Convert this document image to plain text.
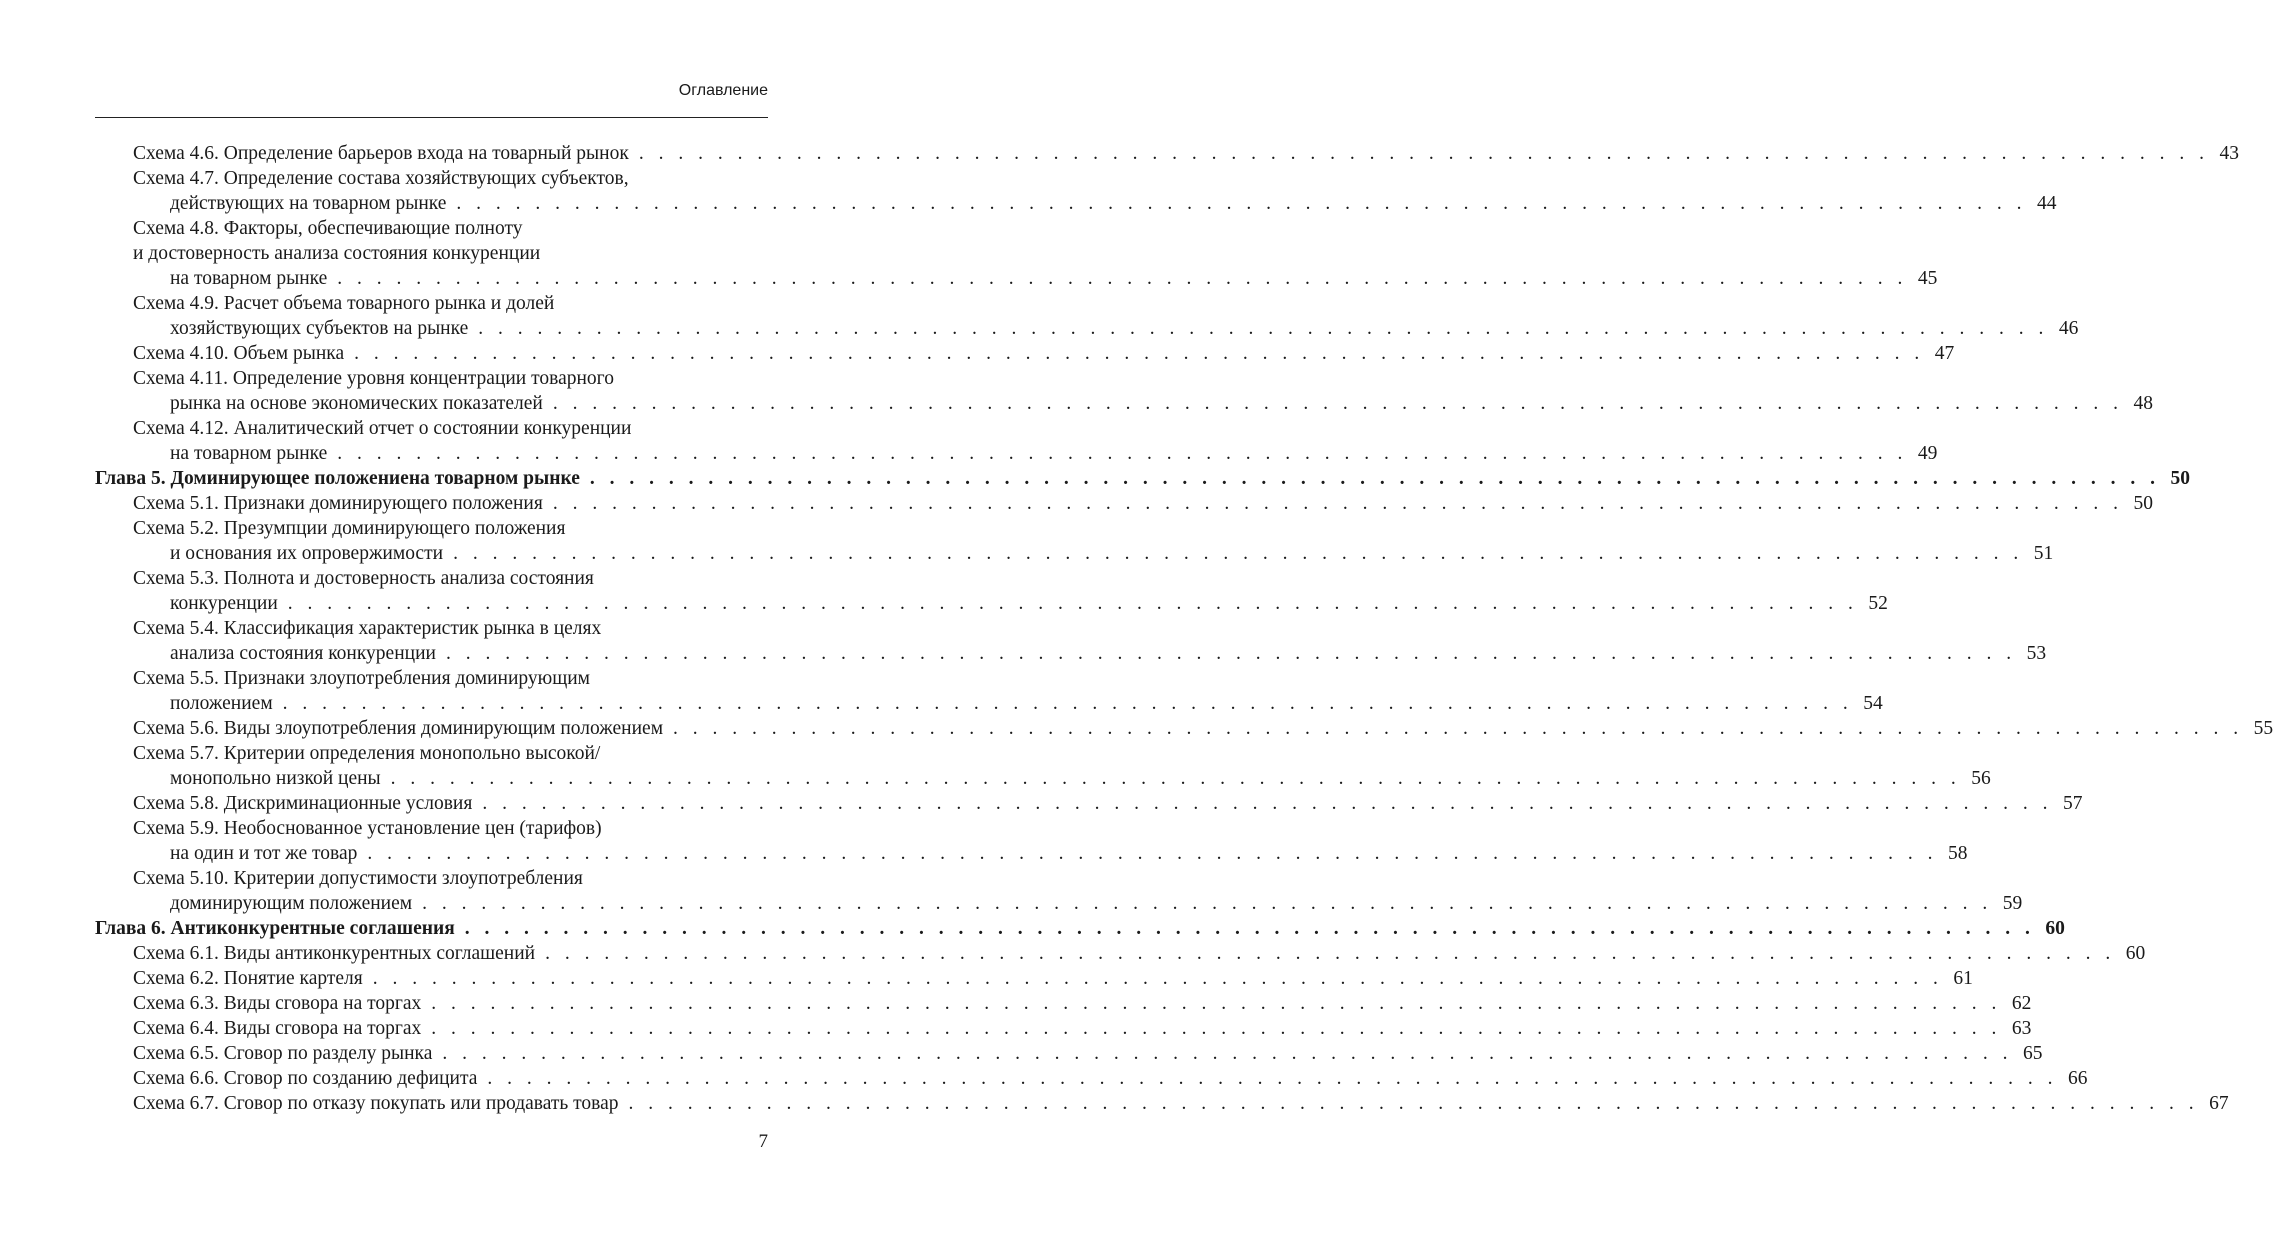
Оглавление
Схема 4.6. Определение барьеров входа на товарный рынок . . . . . . . . . . . . . . . . . . . . . . . . . . . . . . . . . . . . . . . . . . . . . . . . . . . . . . . . . . . . . . . . . . . . . . . . . . . . . . . . 43
Схема 4.7. Определение состава хозяйствующих субъектов,
действующих на товарном рынке . . . . . . . . . . . . . . . . . . . . . . . . . . . . . . . . . . . . . . . . . . . . . . . . . . . . . . . . . . . . . . . . . . . . . . . . . . . . . . . . 44
Схема 4.8. Факторы, обеспечивающие полноту
и достоверность анализа состояния конкуренции
на товарном рынке . . . . . . . . . . . . . . . . . . . . . . . . . . . . . . . . . . . . . . . . . . . . . . . . . . . . . . . . . . . . . . . . . . . . . . . . . . . . . . . . 45
Схема 4.9. Расчет объема товарного рынка и долей
хозяйствующих субъектов на рынке . . . . . . . . . . . . . . . . . . . . . . . . . . . . . . . . . . . . . . . . . . . . . . . . . . . . . . . . . . . . . . . . . . . . . . . . . . . . . . . . 46
Схема 4.10. Объем рынка . . . . . . . . . . . . . . . . . . . . . . . . . . . . . . . . . . . . . . . . . . . . . . . . . . . . . . . . . . . . . . . . . . . . . . . . . . . . . . . . 47
Схема 4.11. Определение уровня концентрации товарного
рынка на основе экономических показателей . . . . . . . . . . . . . . . . . . . . . . . . . . . . . . . . . . . . . . . . . . . . . . . . . . . . . . . . . . . . . . . . . . . . . . . . . . . . . . . . 48
Схема 4.12. Аналитический отчет о состоянии конкуренции
на товарном рынке . . . . . . . . . . . . . . . . . . . . . . . . . . . . . . . . . . . . . . . . . . . . . . . . . . . . . . . . . . . . . . . . . . . . . . . . . . . . . . . . 49
Глава 5. Доминирующее положениена товарном рынке . . . . . . . . . . . . . . . . . . . . . . . . . . . . . . . . . . . . . . . . . . . . . . . . . . . . . . . . . . . . . . . . . . . . . . . . . . . . . . . . 50
Схема 5.1. Признаки доминирующего положения . . . . . . . . . . . . . . . . . . . . . . . . . . . . . . . . . . . . . . . . . . . . . . . . . . . . . . . . . . . . . . . . . . . . . . . . . . . . . . . . 50
Схема 5.2. Презумпции доминирующего положения
и основания их опровержимости . . . . . . . . . . . . . . . . . . . . . . . . . . . . . . . . . . . . . . . . . . . . . . . . . . . . . . . . . . . . . . . . . . . . . . . . . . . . . . . . 51
Схема 5.3. Полнота и достоверность анализа состояния
конкуренции . . . . . . . . . . . . . . . . . . . . . . . . . . . . . . . . . . . . . . . . . . . . . . . . . . . . . . . . . . . . . . . . . . . . . . . . . . . . . . . . 52
Схема 5.4. Классификация характеристик рынка в целях
анализа состояния конкуренции . . . . . . . . . . . . . . . . . . . . . . . . . . . . . . . . . . . . . . . . . . . . . . . . . . . . . . . . . . . . . . . . . . . . . . . . . . . . . . . . 53
Схема 5.5. Признаки злоупотребления доминирующим
положением . . . . . . . . . . . . . . . . . . . . . . . . . . . . . . . . . . . . . . . . . . . . . . . . . . . . . . . . . . . . . . . . . . . . . . . . . . . . . . . . 54
Схема 5.6. Виды злоупотребления доминирующим положением . . . . . . . . . . . . . . . . . . . . . . . . . . . . . . . . . . . . . . . . . . . . . . . . . . . . . . . . . . . . . . . . . . . . . . . . . . . . . . . . 55
Схема 5.7. Критерии определения монопольно высокой/
монопольно низкой цены . . . . . . . . . . . . . . . . . . . . . . . . . . . . . . . . . . . . . . . . . . . . . . . . . . . . . . . . . . . . . . . . . . . . . . . . . . . . . . . . 56
Схема 5.8. Дискриминационные условия . . . . . . . . . . . . . . . . . . . . . . . . . . . . . . . . . . . . . . . . . . . . . . . . . . . . . . . . . . . . . . . . . . . . . . . . . . . . . . . . 57
Схема 5.9. Необоснованное установление цен (тарифов)
на один и тот же товар . . . . . . . . . . . . . . . . . . . . . . . . . . . . . . . . . . . . . . . . . . . . . . . . . . . . . . . . . . . . . . . . . . . . . . . . . . . . . . . . 58
Схема 5.10. Критерии допустимости злоупотребления
доминирующим положением . . . . . . . . . . . . . . . . . . . . . . . . . . . . . . . . . . . . . . . . . . . . . . . . . . . . . . . . . . . . . . . . . . . . . . . . . . . . . . . . 59
Глава 6. Антиконкурентные соглашения . . . . . . . . . . . . . . . . . . . . . . . . . . . . . . . . . . . . . . . . . . . . . . . . . . . . . . . . . . . . . . . . . . . . . . . . . . . . . . . . 60
Схема 6.1. Виды антиконкурентных соглашений . . . . . . . . . . . . . . . . . . . . . . . . . . . . . . . . . . . . . . . . . . . . . . . . . . . . . . . . . . . . . . . . . . . . . . . . . . . . . . . . 60
Схема 6.2. Понятие картеля . . . . . . . . . . . . . . . . . . . . . . . . . . . . . . . . . . . . . . . . . . . . . . . . . . . . . . . . . . . . . . . . . . . . . . . . . . . . . . . . 61
Схема 6.3. Виды сговора на торгах . . . . . . . . . . . . . . . . . . . . . . . . . . . . . . . . . . . . . . . . . . . . . . . . . . . . . . . . . . . . . . . . . . . . . . . . . . . . . . . . 62
Схема 6.4. Виды сговора на торгах . . . . . . . . . . . . . . . . . . . . . . . . . . . . . . . . . . . . . . . . . . . . . . . . . . . . . . . . . . . . . . . . . . . . . . . . . . . . . . . . 63
Схема 6.5. Сговор по разделу рынка . . . . . . . . . . . . . . . . . . . . . . . . . . . . . . . . . . . . . . . . . . . . . . . . . . . . . . . . . . . . . . . . . . . . . . . . . . . . . . . . 65
Схема 6.6. Сговор по созданию дефицита . . . . . . . . . . . . . . . . . . . . . . . . . . . . . . . . . . . . . . . . . . . . . . . . . . . . . . . . . . . . . . . . . . . . . . . . . . . . . . . . 66
Схема 6.7. Сговор по отказу покупать или продавать товар . . . . . . . . . . . . . . . . . . . . . . . . . . . . . . . . . . . . . . . . . . . . . . . . . . . . . . . . . . . . . . . . . . . . . . . . . . . . . . . . 67
7
